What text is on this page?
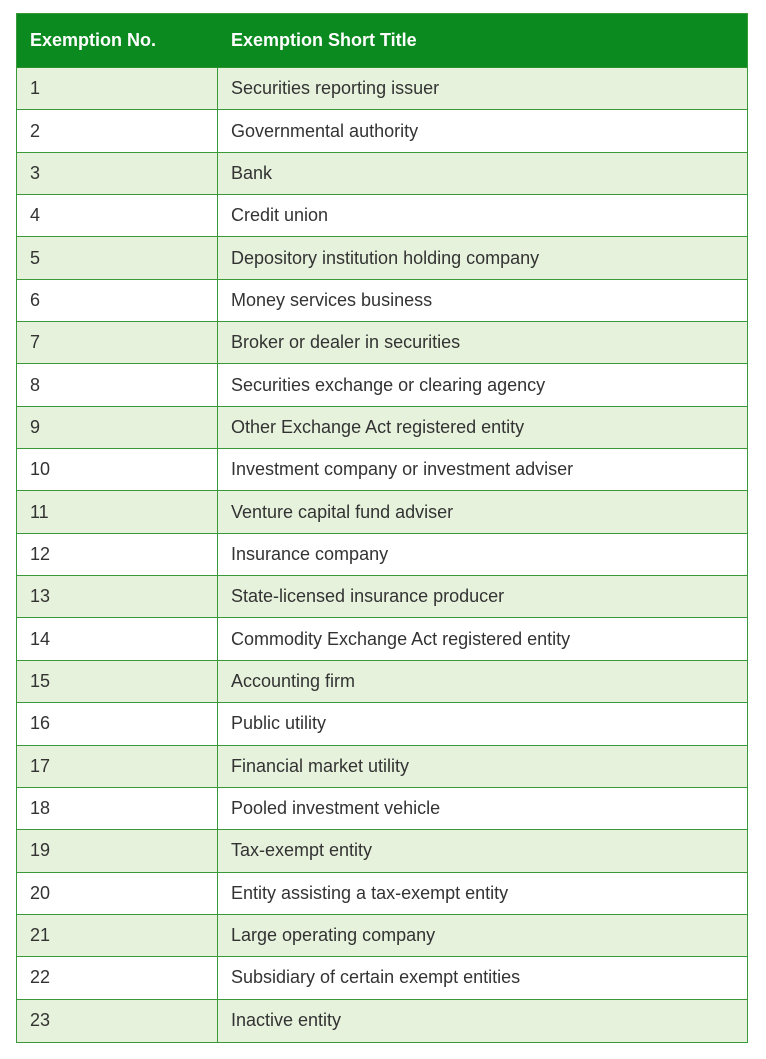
Exemption No.	Exemption Short Title
1	Securities reporting issuer
2	Governmental authority
3	Bank
4	Credit union
5	Depository institution holding company
6	Money services business
7	Broker or dealer in securities
8	Securities exchange or clearing agency
9	Other Exchange Act registered entity
10	Investment company or investment adviser
11	Venture capital fund adviser
12	Insurance company
13	State-licensed insurance producer
14	Commodity Exchange Act registered entity
15	Accounting firm
16	Public utility
17	Financial market utility
18	Pooled investment vehicle
19	Tax-exempt entity
20	Entity assisting a tax-exempt entity
21	Large operating company
22	Subsidiary of certain exempt entities
23	Inactive entity
